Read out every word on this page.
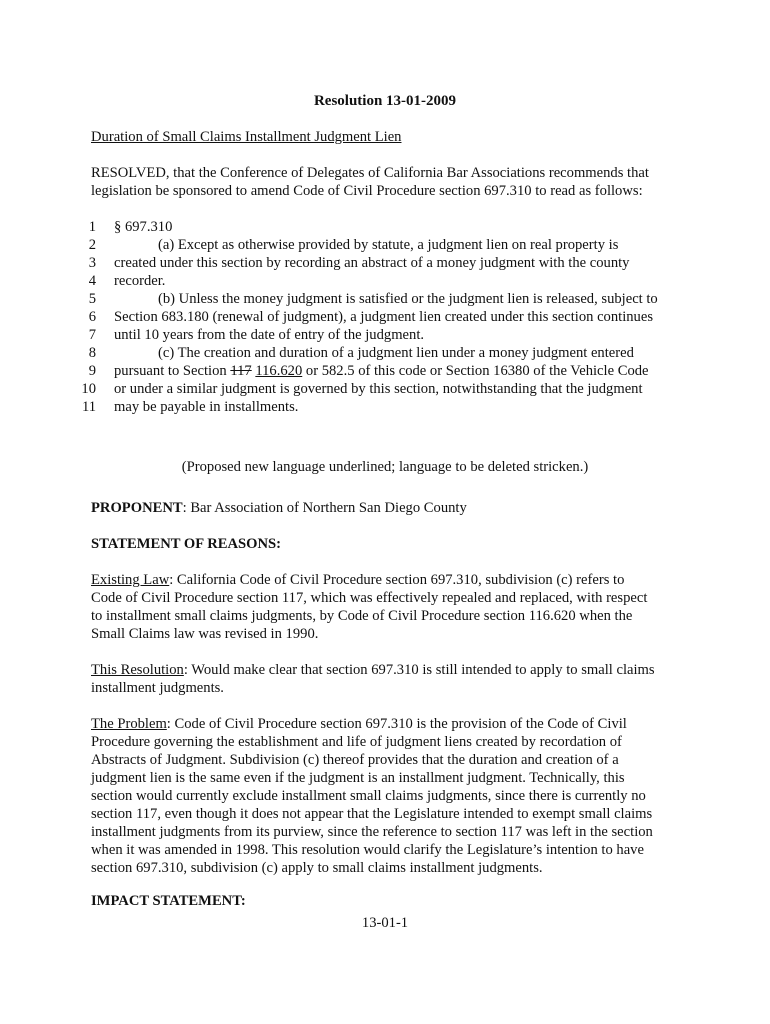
Resolution 13-01-2009
Duration of Small Claims Installment Judgment Lien
RESOLVED, that the Conference of Delegates of California Bar Associations recommends that
legislation be sponsored to amend Code of Civil Procedure section 697.310 to read as follows:
1 § 697.310
2	(a) Except as otherwise provided by statute, a judgment lien on real property is
3 created under this section by recording an abstract of a money judgment with the county
4 recorder.
5	(b) Unless the money judgment is satisfied or the judgment lien is released, subject to
6 Section 683.180 (renewal of judgment), a judgment lien created under this section continues
7 until 10 years from the date of entry of the judgment.
8	(c) The creation and duration of a judgment lien under a money judgment entered
9 pursuant to Section 117 116.620 or 582.5 of this code or Section 16380 of the Vehicle Code
10 or under a similar judgment is governed by this section, notwithstanding that the judgment
11 may be payable in installments.
(Proposed new language underlined; language to be deleted stricken.)
PROPONENT: Bar Association of Northern San Diego County
STATEMENT OF REASONS:
Existing Law: California Code of Civil Procedure section 697.310, subdivision (c) refers to
Code of Civil Procedure section 117, which was effectively repealed and replaced, with respect
to installment small claims judgments, by Code of Civil Procedure section 116.620 when the
Small Claims law was revised in 1990.
This Resolution: Would make clear that section 697.310 is still intended to apply to small claims
installment judgments.
The Problem: Code of Civil Procedure section 697.310 is the provision of the Code of Civil
Procedure governing the establishment and life of judgment liens created by recordation of
Abstracts of Judgment. Subdivision (c) thereof provides that the duration and creation of a
judgment lien is the same even if the judgment is an installment judgment. Technically, this
section would currently exclude installment small claims judgments, since there is currently no
section 117, even though it does not appear that the Legislature intended to exempt small claims
installment judgments from its purview, since the reference to section 117 was left in the section
when it was amended in 1998. This resolution would clarify the Legislature’s intention to have
section 697.310, subdivision (c) apply to small claims installment judgments.
IMPACT STATEMENT:
13-01-1
